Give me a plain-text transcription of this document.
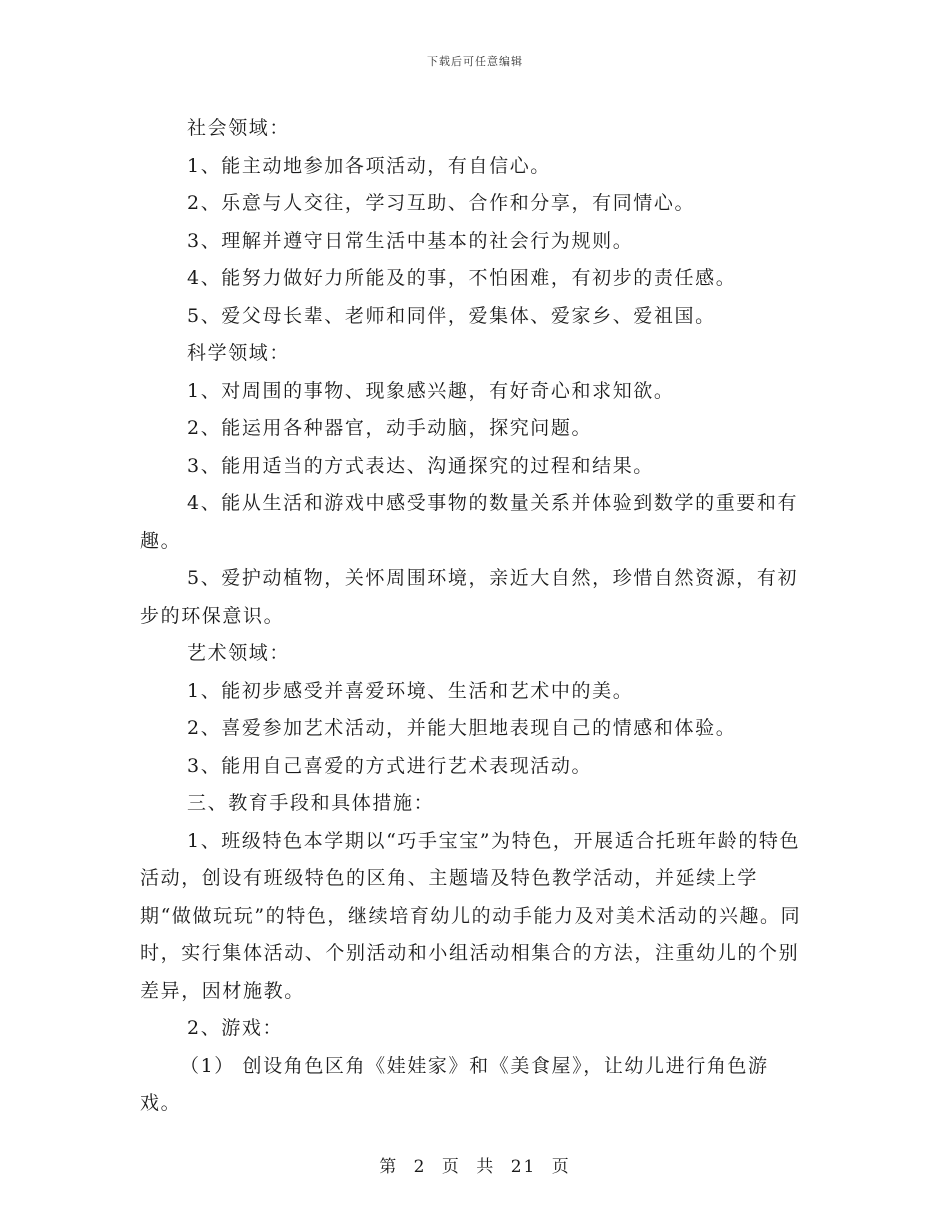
下载后可任意编辑

社会领域：

1、能主动地参加各项活动，有自信心。

2、乐意与人交往，学习互助、合作和分享，有同情心。

3、理解并遵守日常生活中基本的社会行为规则。

4、能努力做好力所能及的事，不怕困难，有初步的责任感。

5、爱父母长辈、老师和同伴，爱集体、爱家乡、爱祖国。

科学领域：

1、对周围的事物、现象感兴趣，有好奇心和求知欲。

2、能运用各种器官，动手动脑，探究问题。

3、能用适当的方式表达、沟通探究的过程和结果。

4、能从生活和游戏中感受事物的数量关系并体验到数学的重要和有趣。

5、爱护动植物，关怀周围环境，亲近大自然，珍惜自然资源，有初步的环保意识。

艺术领域：

1、能初步感受并喜爱环境、生活和艺术中的美。

2、喜爱参加艺术活动，并能大胆地表现自己的情感和体验。

3、能用自己喜爱的方式进行艺术表现活动。

三、教育手段和具体措施：

1、班级特色本学期以“巧手宝宝”为特色，开展适合托班年龄的特色活动，创设有班级特色的区角、主题墙及特色教学活动，并延续上学期“做做玩玩”的特色，继续培育幼儿的动手能力及对美术活动的兴趣。同时，实行集体活动、个别活动和小组活动相集合的方法，注重幼儿的个别差异，因材施教。

2、游戏：

（1） 创设角色区角《娃娃家》和《美食屋》，让幼儿进行角色游戏。

第 2 页 共 21 页
